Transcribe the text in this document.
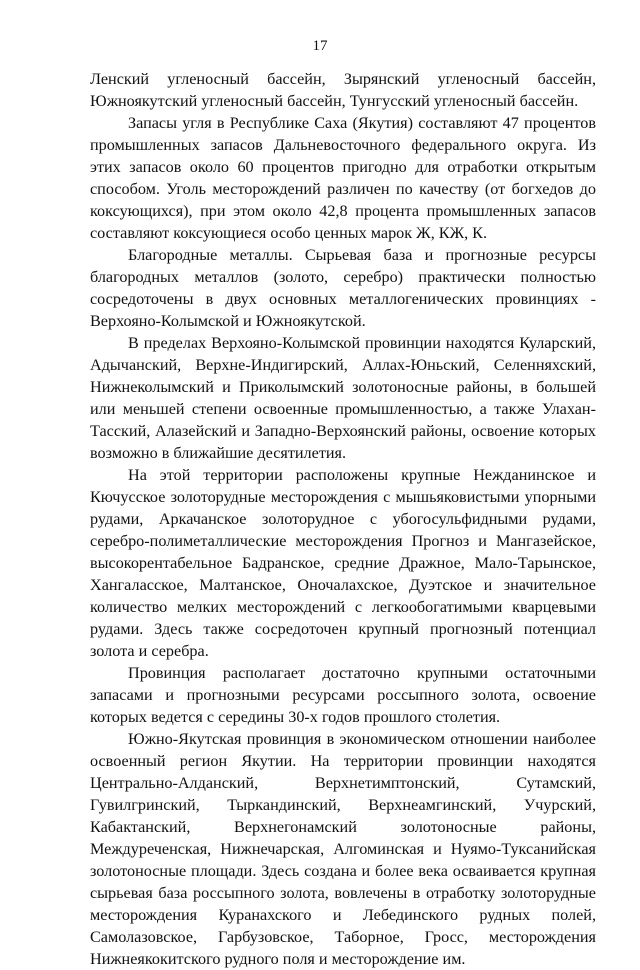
17

Ленский угленосный бассейн, Зырянский угленосный бассейн, Южноякутский угленосный бассейн, Тунгусский угленосный бассейн.

Запасы угля в Республике Саха (Якутия) составляют 47 процентов промышленных запасов Дальневосточного федерального округа. Из этих запасов около 60 процентов пригодно для отработки открытым способом. Уголь месторождений различен по качеству (от богхедов до коксующихся), при этом около 42,8 процента промышленных запасов составляют коксующиеся особо ценных марок Ж, КЖ, К.

Благородные металлы. Сырьевая база и прогнозные ресурсы благородных металлов (золото, серебро) практически полностью сосредоточены в двух основных металлогенических провинциях - Верхояно-Колымской и Южноякутской.

В пределах Верхояно-Колымской провинции находятся Куларский, Адычанский, Верхне-Индигирский, Аллах-Юньский, Селенняхский, Нижнеколымский и Приколымский золотоносные районы, в большей или меньшей степени освоенные промышленностью, а также Улахан-Тасский, Алазейский и Западно-Верхоянский районы, освоение которых возможно в ближайшие десятилетия.

На этой территории расположены крупные Нежданинское и Кючусское золоторудные месторождения с мышьяковистыми упорными рудами, Аркачанское золоторудное с убогосульфидными рудами, серебро-полиметаллические месторождения Прогноз и Мангазейское, высокорентабельное Бадранское, средние Дражное, Мало-Тарынское, Хангаласское, Малтанское, Оночалахское, Дуэтское и значительное количество мелких месторождений с легкообогатимыми кварцевыми рудами. Здесь также сосредоточен крупный прогнозный потенциал золота и серебра.

Провинция располагает достаточно крупными остаточными запасами и прогнозными ресурсами россыпного золота, освоение которых ведется с середины 30-х годов прошлого столетия.

Южно-Якутская провинция в экономическом отношении наиболее освоенный регион Якутии. На территории провинции находятся Центрально-Алданский, Верхнетимптонский, Сутамский, Гувилгринский, Тыркандинский, Верхнеамгинский, Учурский, Кабактанский, Верхнегонамский золотоносные районы, Междуреченская, Нижнечарская, Алгоминская и Нуямо-Туксанийская золотоносные площади. Здесь создана и более века осваивается крупная сырьевая база россыпного золота, вовлечены в отработку золоторудные месторождения Куранахского и Лебединского рудных полей, Самолазовское, Гарбузовское, Таборное, Гросс, месторождения Нижнеякокитского рудного поля и месторождение им.
